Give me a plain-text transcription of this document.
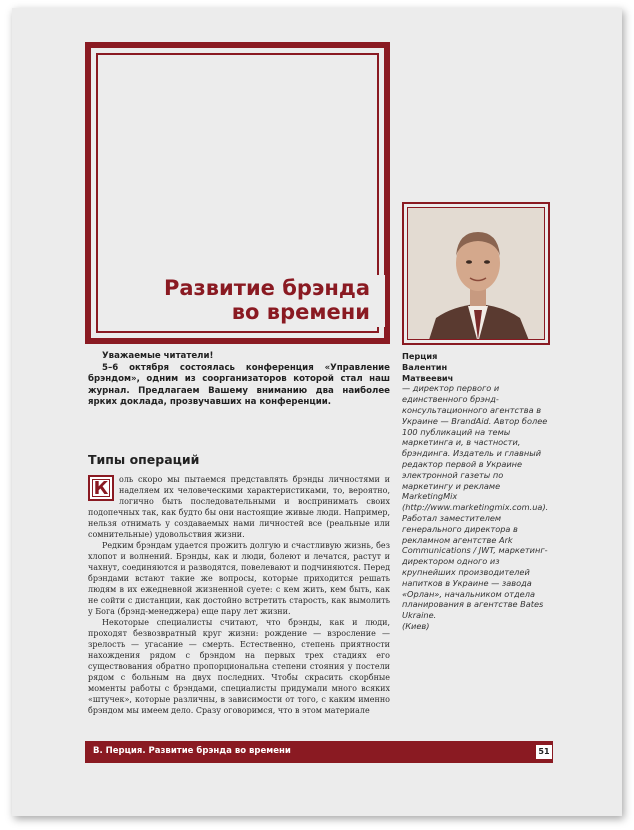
Развитие брэнда
во времени

Уважаемые читатели!

5–6 октября состоялась конференция «Управление брэндом», одним из соорганизаторов которой стал наш журнал. Предлагаем Вашему вниманию два наиболее ярких доклада, прозвучавших на конференции.

Типы операций
К	оль скоро мы пытаемся представлять брэнды личностями и наделяем их человеческими характеристиками, то, вероятно, логично быть последовательными и воспринимать своих подопечных так, как будто бы они настоящие живые люди. Например, нельзя отнимать у создаваемых нами личностей все (реальные или сомнительные) удовольствия жизни.

Редким брэндам удается прожить долгую и счастливую жизнь, без хлопот и волнений. Брэнды, как и люди, болеют и лечатся, растут и чахнут, соединяются и разводятся, повелевают и подчиняются. Перед брэндами встают такие же вопросы, которые приходится решать людям в их ежедневной жизненной суете: с кем жить, кем быть, как не сойти с дистанции, как достойно встретить старость, как вымолить у Бога (брэнд-менеджера) еще пару лет жизни.

Некоторые специалисты считают, что брэнды, как и люди, проходят безвозвратный круг жизни: рождение — взросление — зрелость — угасание — смерть. Естественно, степень приятности нахождения рядом с брэндом на первых трех стадиях его существования обратно пропорциональна степени стояния у постели рядом с больным на двух последних. Чтобы скрасить скорбные моменты работы с брэндами, специалисты придумали много всяких «штучек», которые различны, в зависимости от того, с каким именно брэндом мы имеем дело. Сразу оговоримся, что в этом материале

Перция
Валентин
Матвеевич
— директор первого и единственного брэнд-консультационного агентства в Украине — BrandAid. Автор более 100 публикаций на темы маркетинга и, в частности, брэндинга. Издатель и главный редактор первой в Украине электронной газеты по маркетингу и рекламе MarketingMix (http://www.marketingmix.com.ua). Работал заместителем генерального директора в рекламном агентстве Ark Communications / JWT, маркетинг-директором одного из крупнейших производителей напитков в Украине — завода «Орлан», начальником отдела планирования в агентстве Bates Ukraine.
(Киев)
В. Перция. Развитие брэнда во времени	51
